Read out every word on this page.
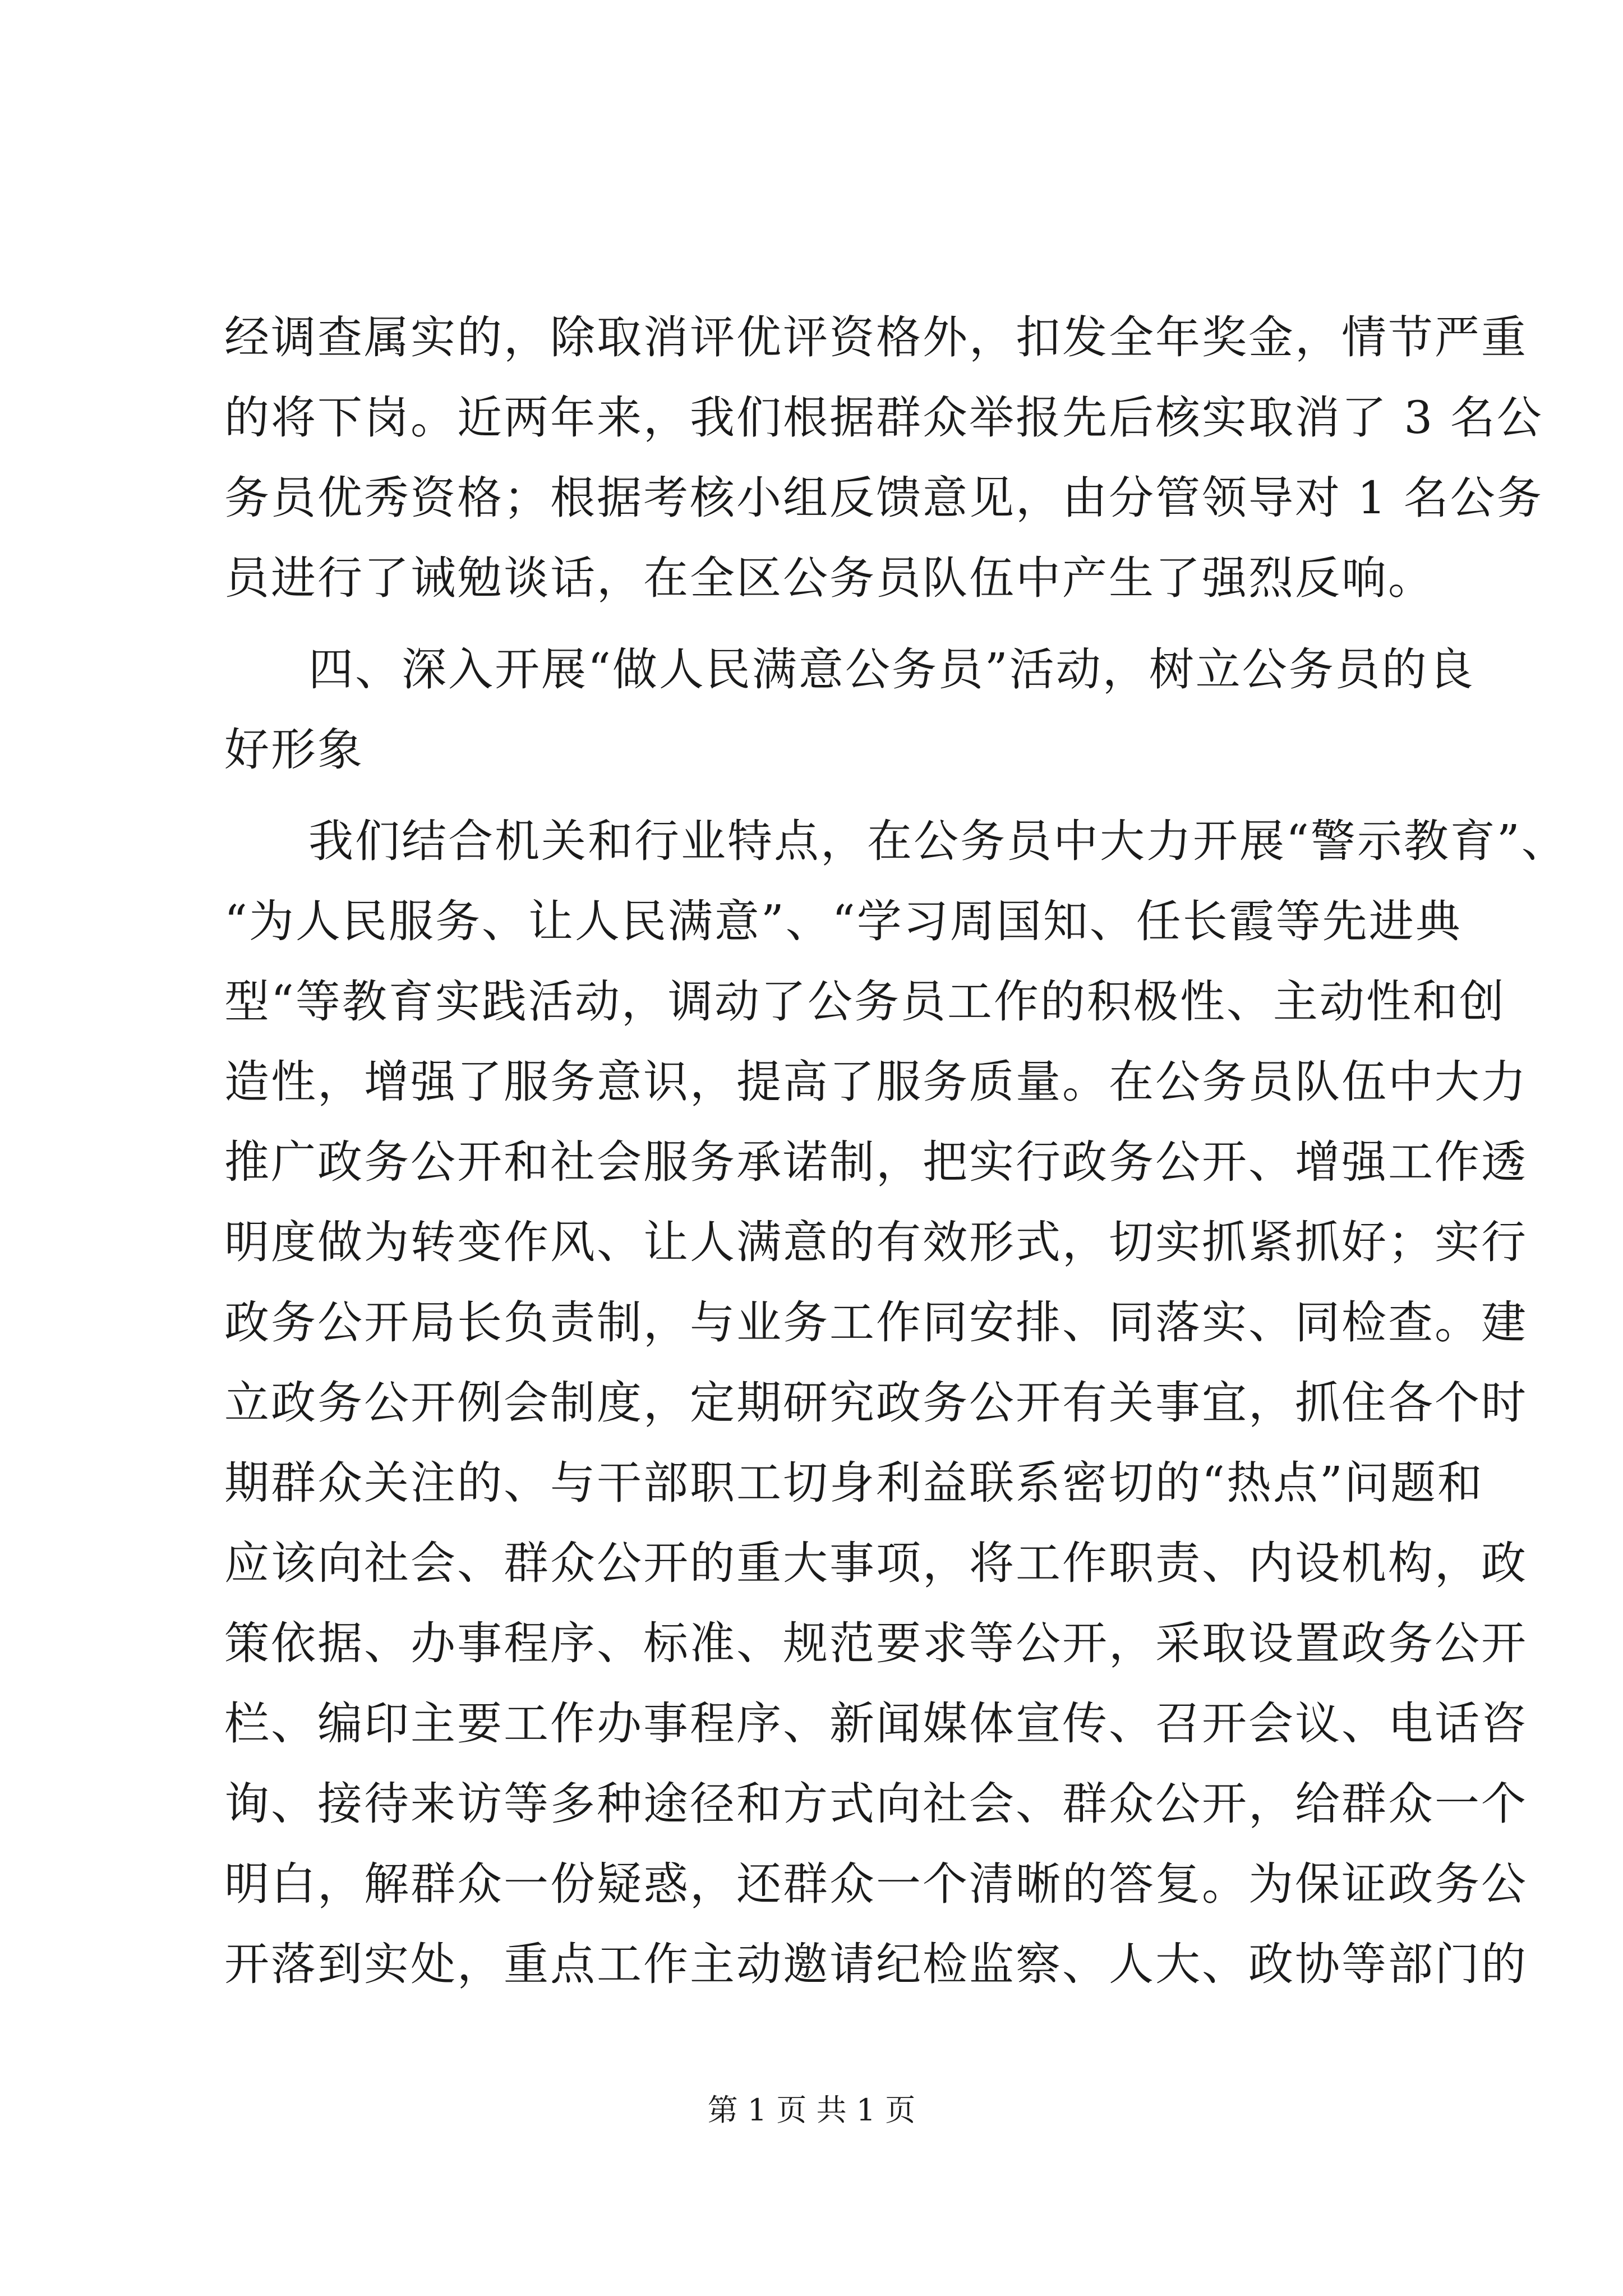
经调查属实的，除取消评优评资格外，扣发全年奖金，情节严重
的将下岗。近两年来，我们根据群众举报先后核实取消了 3 名公
务员优秀资格；根据考核小组反馈意见，由分管领导对 1 名公务
员进行了诫勉谈话，在全区公务员队伍中产生了强烈反响。
四、深入开展“做人民满意公务员”活动，树立公务员的良
好形象
我们结合机关和行业特点，在公务员中大力开展“警示教育”、
“为人民服务、让人民满意”、“学习周国知、任长霞等先进典
型“等教育实践活动，调动了公务员工作的积极性、主动性和创
造性，增强了服务意识，提高了服务质量。在公务员队伍中大力
推广政务公开和社会服务承诺制，把实行政务公开、增强工作透
明度做为转变作风、让人满意的有效形式，切实抓紧抓好；实行
政务公开局长负责制，与业务工作同安排、同落实、同检查。建
立政务公开例会制度，定期研究政务公开有关事宜，抓住各个时
期群众关注的、与干部职工切身利益联系密切的“热点”问题和
应该向社会、群众公开的重大事项，将工作职责、内设机构，政
策依据、办事程序、标准、规范要求等公开，采取设置政务公开
栏、编印主要工作办事程序、新闻媒体宣传、召开会议、电话咨
询、接待来访等多种途径和方式向社会、群众公开，给群众一个
明白，解群众一份疑惑，还群众一个清晰的答复。为保证政务公
开落到实处，重点工作主动邀请纪检监察、人大、政协等部门的
第 1 页 共 1 页
